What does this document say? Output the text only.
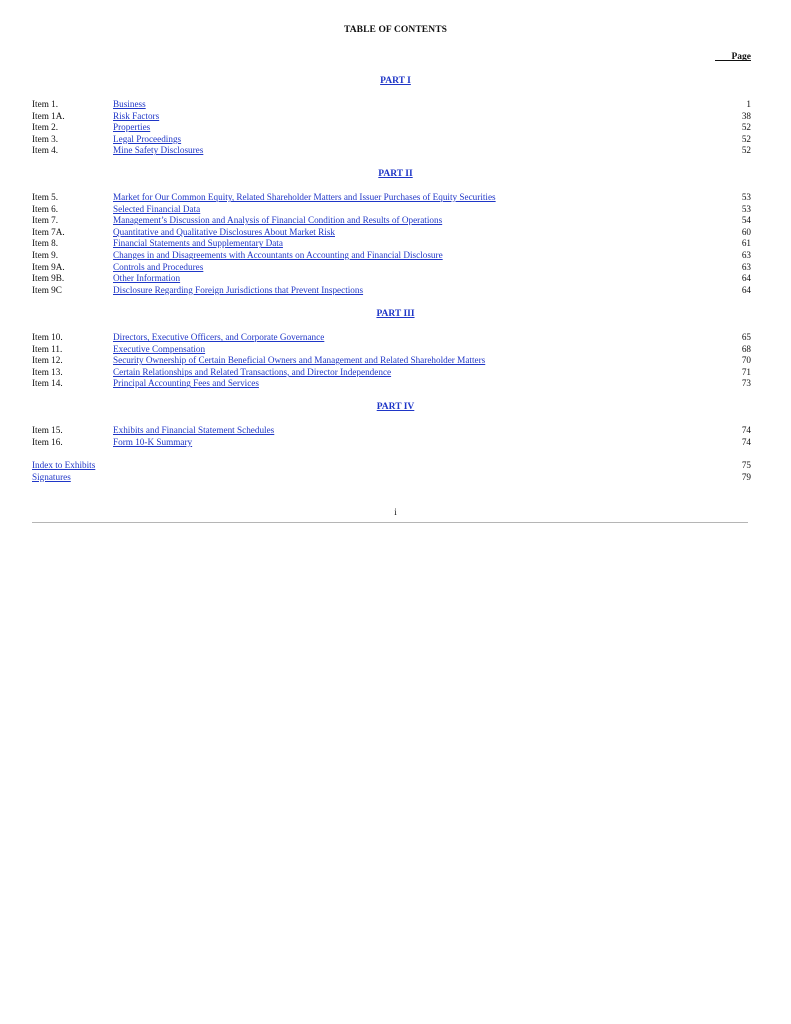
TABLE OF CONTENTS
Page
PART I
Item 1.	Business	1
Item 1A.	Risk Factors	38
Item 2.	Properties	52
Item 3.	Legal Proceedings	52
Item 4.	Mine Safety Disclosures	52
PART II
Item 5.	Market for Our Common Equity, Related Shareholder Matters and Issuer Purchases of Equity Securities	53
Item 6.	Selected Financial Data	53
Item 7.	Management’s Discussion and Analysis of Financial Condition and Results of Operations	54
Item 7A.	Quantitative and Qualitative Disclosures About Market Risk	60
Item 8.	Financial Statements and Supplementary Data	61
Item 9.	Changes in and Disagreements with Accountants on Accounting and Financial Disclosure	63
Item 9A.	Controls and Procedures	63
Item 9B.	Other Information	64
Item 9C	Disclosure Regarding Foreign Jurisdictions that Prevent Inspections	64
PART III
Item 10.	Directors, Executive Officers, and Corporate Governance	65
Item 11.	Executive Compensation	68
Item 12.	Security Ownership of Certain Beneficial Owners and Management and Related Shareholder Matters	70
Item 13.	Certain Relationships and Related Transactions, and Director Independence	71
Item 14.	Principal Accounting Fees and Services	73
PART IV
Item 15.	Exhibits and Financial Statement Schedules	74
Item 16.	Form 10-K Summary	74
Index to Exhibits	75
Signatures	79
i
